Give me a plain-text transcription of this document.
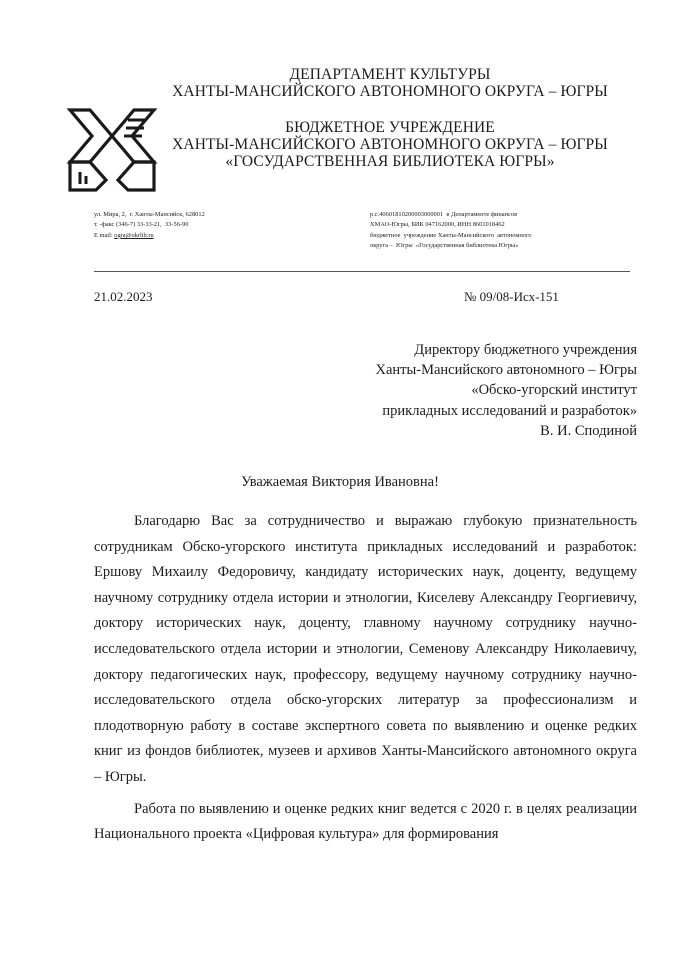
ДЕПАРТАМЕНТ КУЛЬТУРЫ
ХАНТЫ-МАНСИЙСКОГО АВТОНОМНОГО ОКРУГА – ЮГРЫ
БЮДЖЕТНОЕ УЧРЕЖДЕНИЕ
ХАНТЫ-МАНСИЙСКОГО АВТОНОМНОГО ОКРУГА – ЮГРЫ
«ГОСУДАРСТВЕННАЯ БИБЛИОТЕКА ЮГРЫ»
ул. Мира, 2,  г. Ханты-Мансийск, 628012
т. -факс (346-7) 33-33-21,  33-56-90
E mail: ogra@okrlib.ru
р.с.40601810200003000001  в Департаменте финансов
ХМАО-Югры, БИК 047162000, ИНН 8601018462
бюджетное  учреждение Ханты-Мансийского  автономного
округа –  Югры  «Государственная библиотека Югры»
21.02.2023	№ 09/08-Исх-151
Директору бюджетного учреждения
Ханты-Мансийского автономного – Югры
«Обско-угорский институт
прикладных исследований и разработок»
В. И. Сподиной
Уважаемая Виктория Ивановна!

Благодарю Вас за сотрудничество и выражаю глубокую признательность сотрудникам Обско-угорского института прикладных исследований и разработок: Ершову Михаилу Федоровичу, кандидату исторических наук, доценту, ведущему научному сотруднику отдела истории и этнологии, Киселеву Александру Георгиевичу, доктору исторических наук, доценту, главному научному сотруднику научно-исследовательского отдела истории и этнологии, Семенову Александру Николаевичу, доктору педагогических наук, профессору, ведущему научному сотруднику научно-исследовательского отдела обско-угорских литератур за профессионализм и плодотворную работу в составе экспертного совета по выявлению и оценке редких книг из фондов библиотек, музеев и архивов Ханты-Мансийского автономного округа – Югры.

Работа по выявлению и оценке редких книг ведется с 2020 г. в целях реализации Национального проекта «Цифровая культура» для формирования
